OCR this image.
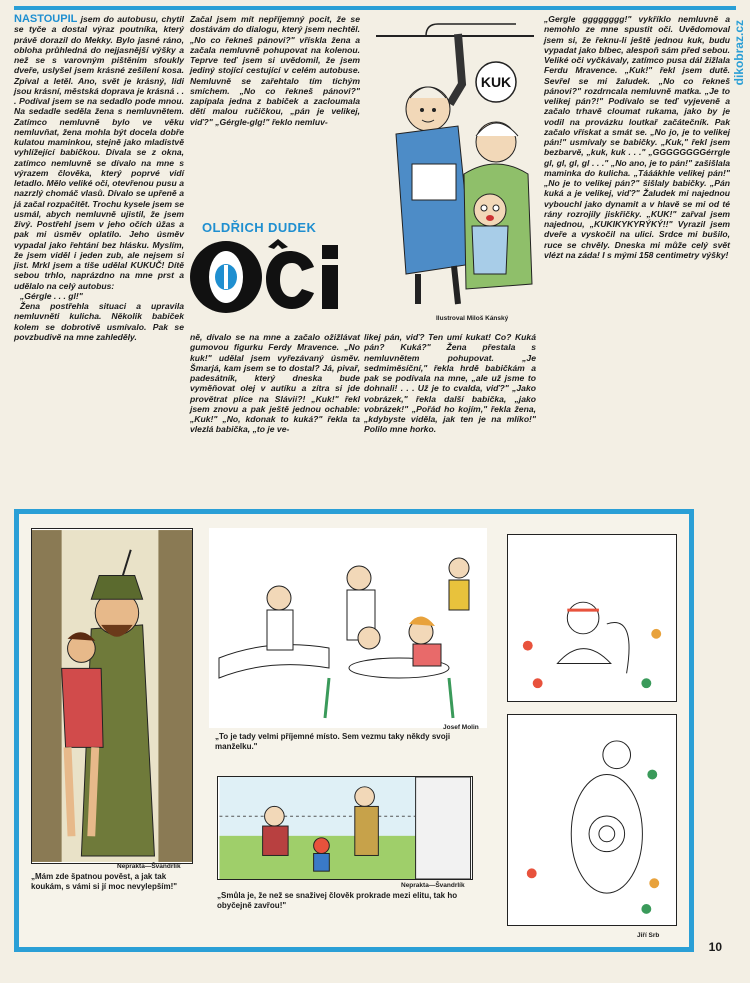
dikobraz.cz

NASTOUPIL jsem do autobusu, chytil se tyče a dostal výraz poutníka, který právě dorazil do Mekky. Bylo jasné ráno, obloha průhledná do nejjasnější výšky a než se s varovným pištěním sfoukly dveře, uslyšel jsem krásné zešílení kosa. Zpíval a letěl. Ano, svět je krásný, lidi jsou krásní, městská doprava je krásná . . . Podíval jsem se na sedadlo pode mnou. Na sedadle seděla žena s nemluvnětem. Zatímco nemluvně bylo ve věku nemluvňat, žena mohla být docela dobře kulatou maminkou, stejně jako mladistvě vyhlížející babičkou. Dívala se z okna, zatímco nemluvně se dívalo na mne s výrazem člověka, který poprvé vidí letadlo. Mělo veliké oči, otevřenou pusu a nazrzlý chomáč vlasů. Dívalo se upřeně a já začal rozpačitět. Trochu kysele jsem se usmál, abych nemluvně ujistil, že jsem živý. Postřehl jsem v jeho očích úžas a pak mi úsměv oplatilo. Jeho úsměv vypadal jako řehtání bez hlásku. Myslím, že jsem viděl i jeden zub, ale nejsem si jist. Mrkl jsem a tiše udělal KUKUČ! Dítě sebou trhlo, naprázdno na mne prst a udělalo na celý autobus:

„Gérgle . . . gl!"

Žena postřehla situaci a upravila nemluvněti kulicha. Několik babiček kolem se dobrotivě usmívalo. Pak se povzbudivě na mne zahleděly.

Začal jsem mít nepříjemný pocit, že se dostávám do dialogu, který jsem nechtěl. „No co řekneš pánovi?" vřískla žena a začala nemluvně pohupovat na kolenou. Teprve teď jsem si uvědomil, že jsem jediný stojící cestující v celém autobuse. Nemluvně se zařehtalo tím tichým smíchem. „No co řekneš pánovi?" zapípala jedna z babiček a zacloumala dětí malou ručičkou, „pán je velikej, viď?" „Gérgle-glg!" řeklo nemluv-

OLDŘICH DUDEK
KUK
Ilustroval Miloš Kánský

ně, dívalo se na mne a začalo ožižlávat gumovou figurku Ferdy Mravence. „No kuk!" udělal jsem vyřezávaný úsměv. Šmarjá, kam jsem se to dostal? Já, pivař, padesátník, který dneska bude vyměňovat olej v autíku a zítra si jde provětrat plíce na Slávii?! „Kuk!" řekl jsem znovu a pak ještě jednou ochable: „Kuk!" „No, kdonak to kuká?" řekla ta vlezlá babička, „to je ve-

likej pán, viď? Ten umí kukat! Co? Kuká pán? Kuká?" Žena přestala s nemluvnětem pohupovat. „Je sedmiměsíční," řekla hrdě babičkám a pak se podívala na mne, „ale už jsme to dohnali! . . . Už je to cvalda, viď?" „Jako vobrázek," řekla další babička, „jako vobrázek!" „Pořád ho kojím," řekla žena, „kdybyste viděla, jak ten je na mlíko!" Polilo mne horko.

„Gergle gggggggg!" vykříklo nemluvně a nemohlo ze mne spustit oči. Uvědomoval jsem si, že řeknu-li ještě jednou kuk, budu vypadat jako blbec, alespoň sám před sebou. Veliké oči vyčkávaly, zatímco pusa dál žižlala Ferdu Mravence. „Kuk!" řekl jsem dutě. Sevřel se mi žaludek. „No co řekneš pánovi?" rozdrncala nemluvně matka. „Je to velikej pán?!" Podívalo se teď vyjeveně a začalo trhavě cloumat rukama, jako by je vodil na provázku loutkař začátečník. Pak začalo vřískat a smát se. „No jo, je to velikej pán!" usmívaly se babičky. „Kuk," řekl jsem bezbarvě, „kuk, kuk . . ." „GGGGGGGGérrgle gl, gl, gl, gl . . ." „No ano, je to pán!" zašišlala maminka do kulicha. „Tááákhle velikej pán!" „No je to velikej pán?" šišlaly babičky. „Pán kuká a je velikej, viď?" Žaludek mi najednou vybouchl jako dynamit a v hlavě se mi od té rány rozrojily jiskřičky. „KUK!" zařval jsem najednou, „KUKIKYKYRÝKÝ!!" Vyrazil jsem dveře a vyskočil na ulici. Srdce mi bušilo, ruce se chvěly. Dneska mi může celý svět vlézt na záda! I s mými 158 centimetry výšky!

„Mám zde špatnou pověst, a jak tak koukám, s vámi si jí moc nevylepším!"
Neprakta—Švandrlík
„To je tady velmi příjemné místo. Sem vezmu taky někdy svoji manželku."
Josef Molin
„Smůla je, že než se snaživej člověk prokrade mezi elitu, tak ho obyčejně zavřou!"
Neprakta—Švandrlík
Jiří Srb
10
